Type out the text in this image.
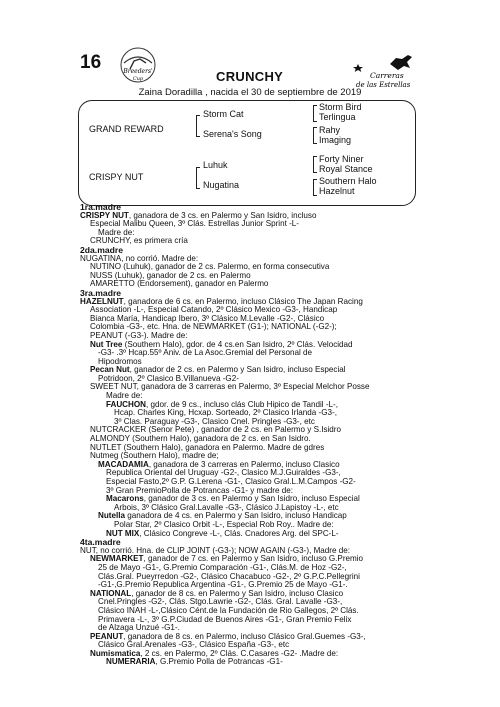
16	Breeders'
Cup	Carreras
de las Estrellas
CRUNCHY
Zaina Doradilla , nacida el 30 de septiembre de 2019
GRAND REWARD
CRISPY NUT
Storm Cat
Serena's Song
Luhuk
Nugatina
Storm Bird
Terlingua
Rahy
Imaging
Forty Niner
Royal Stance
Southern Halo
Hazelnut
1ra.madre
CRISPY NUT, ganadora de 3 cs. en Palermo y San Isidro, incluso
Especial Malibu Queen, 3º Clás. Estrellas Junior Sprint -L-
Madre de:
CRUNCHY, es primera cría
2da.madre
NUGATINA, no corrió. Madre de:
NUTINO (Luhuk), ganador de 2 cs. Palermo, en forma consecutiva
NUSS (Luhuk), ganador de 2 cs. en Palermo
AMARETTO (Endorsement), ganador en Palermo
3ra.madre
HAZELNUT, ganadora de 6 cs. en Palermo, incluso Clásico The Japan Racing
Association -L-, Especial Catando, 2º Clásico Mexico -G3-, Handicap
Bianca María, Handicap Ibero, 3º Clásico M.Levalle -G2-, Clásico
Colombia -G3-, etc. Hna. de NEWMARKET (G1-); NATIONAL (-G2-);
PEANUT (-G3-). Madre de:
Nut Tree (Southern Halo), gdor. de 4 cs.en San Isidro, 2º Clás. Velocidad
-G3- .3º Hcap.55º Aniv. de La Asoc.Gremial del Personal de
Hipodromos
Pecan Nut, ganador de 2 cs. en Palermo y San Isidro, incluso Especial
Potridoon, 2º Clasico B.Villanueva -G2-
SWEET NUT, ganadora de 3 carreras en Palermo, 3º Especial Melchor Posse
Madre de:
FAUCHON, gdor. de 9 cs., incluso clás Club Hipico de Tandil -L-,
Hcap. Charles King, Hcxap. Sorteado, 2º Clasico Irlanda -G3-,
3º Clas. Paraguay -G3-, Clasico Cnel. Pringles -G3-, etc
NUTCRACKER (Senor Pete) , ganador de 2 cs. en Palermo y S.Isidro
ALMONDY (Southern Halo), ganadora de 2 cs. en San Isidro.
NUTLET (Southern Halo), ganadora en Palermo. Madre de gdres
Nutmeg (Southern Halo), madre de;
MACADAMIA, ganadora de 3 carreras en Palermo, incluso Clasico
Republica Oriental del Uruguay -G2-, Clasico M.J.Guiraldes -G3-,
Especial Fasto,2º G.P. G.Lerena -G1-, Clasico Gral.L.M.Campos -G2-
3º Gran PremioPolla de Potrancas -G1- y madre de:
Macarons, ganador de 3 cs. en Palermo y San Isidro, incluso Especial
Arbois, 3º Clásico Gral.Lavalle -G3-, Clásico J.Lapistoy -L-, etc
Nutella ganadora de 4 cs. en Palermo y San Isidro, incluso Handicap
Polar Star, 2º Clasico Orbit -L-, Especial Rob Roy.. Madre de:
NUT MIX, Clásico Congreve -L-, Clás. Cnadores Arg. del SPC-L-
4ta.madre
NUT, no corrió. Hna. de CLIP JOINT (-G3-); NOW AGAIN (-G3-), Madre de:
NEWMARKET, ganador de 7 cs. en Palermo y San Isidro, incluso G.Premio
25 de Mayo -G1-, G.Premio Comparación -G1-, Clás.M. de Hoz -G2-,
Clás.Gral. Pueyrredon -G2-, Clásico Chacabuco -G2-, 2º G.P.C.Pellegrini
-G1-,G.Premio Republica Argentina -G1-, G.Premio 25 de Mayo -G1-.
NATIONAL, ganador de 8 cs. en Palermo y San Isidro, incluso Clasico
Cnel.Pringles -G2-, Clás. Stgo.Lawrie -G2-, Clás. Gral. Lavalle -G3-,
Clásico INAH -L-,Clásico Cént.de la Fundación de Rio Gallegos, 2º Clás.
Primavera -L-, 3º G.P.Ciudad de Buenos Aires -G1-, Gran Premio Felix
de Alzaga Unzué -G1-.
PEANUT, ganadora de 8 cs. en Palermo, incluso Clásico Gral.Guemes -G3-,
Clásico Gral.Arenales -G3-, Clásico España -G3-, etc
Numismatica, 2 cs. en Palermo, 2º Clás. C.Casares -G2- .Madre de:
NUMERARIA, G.Premio Polla de Potrancas -G1-
